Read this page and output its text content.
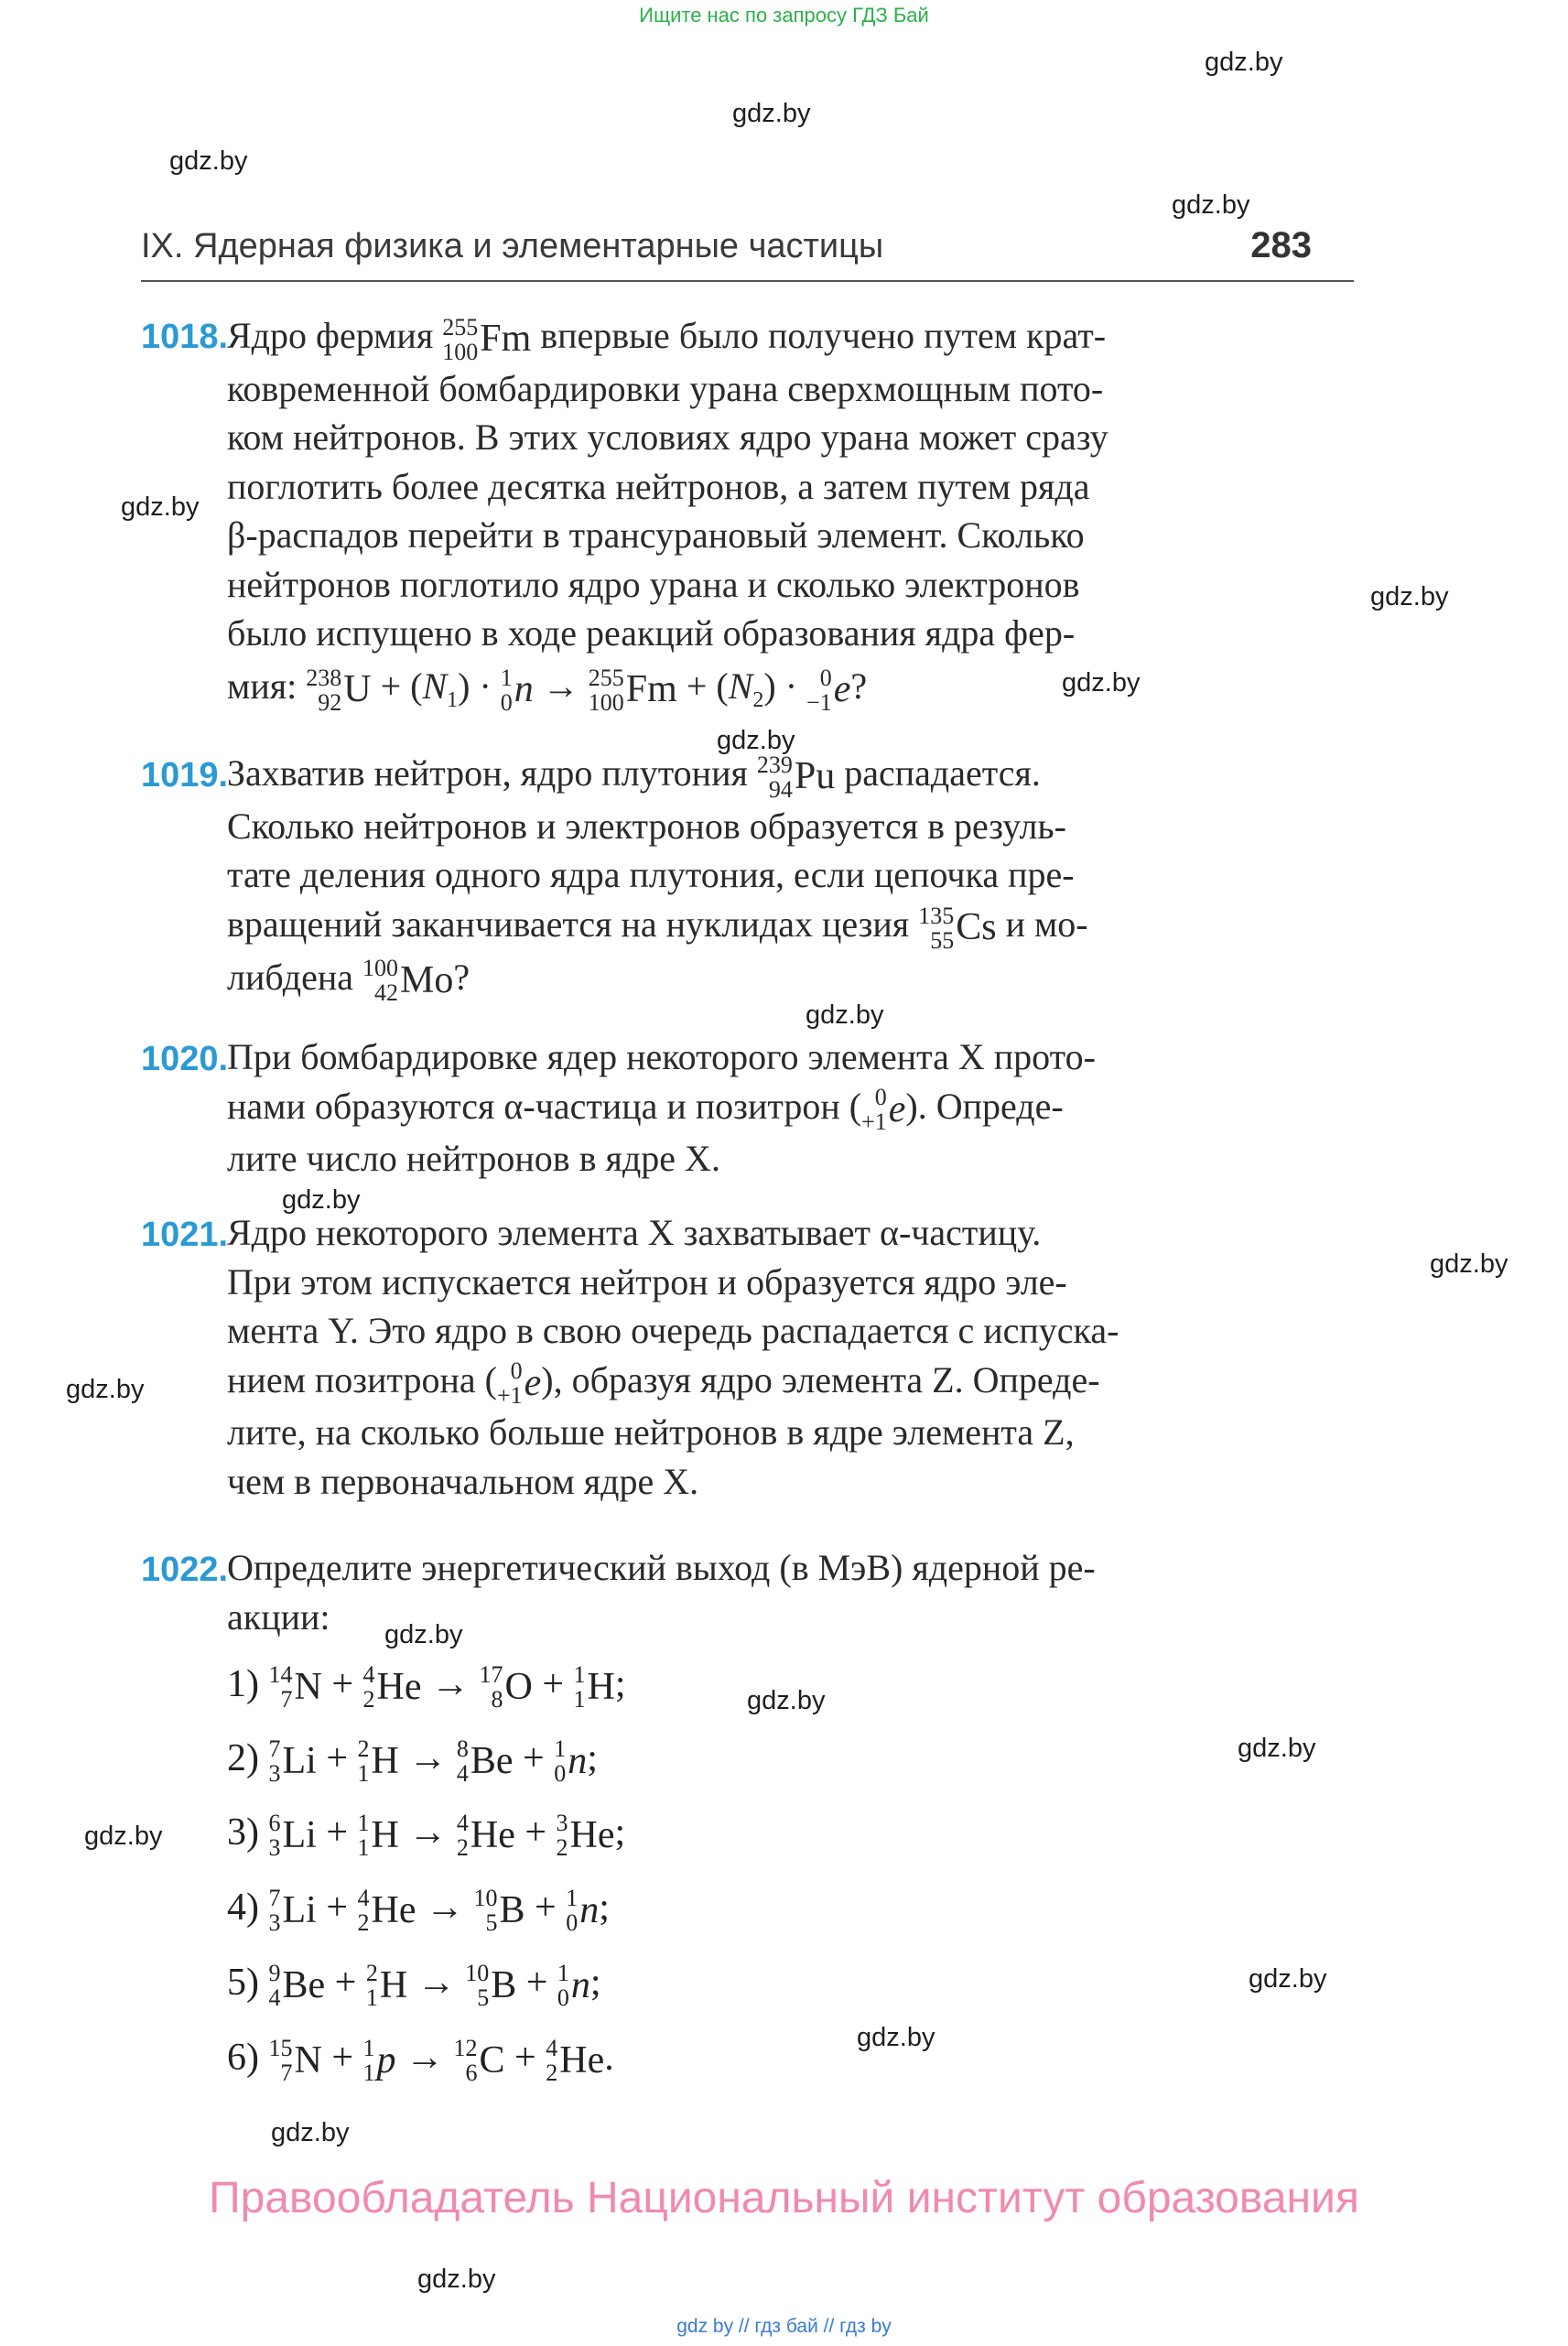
Ищите нас по запросу ГДЗ Бай
gdz.by
gdz.by
gdz.by
gdz.by
gdz.by
gdz.by
gdz.by
gdz.by
gdz.by
gdz.by
gdz.by
gdz.by
gdz.by
gdz.by
gdz.by
gdz.by
gdz.by
gdz.by
gdz.by
gdz.by
IX. Ядерная физика и элементарные частицы	283
1018.
Ядро фермия 255
100 Fm впервые было получено путем крат-
ковременной бомбардировки урана сверхмощным пото-
ком нейтронов. В этих условиях ядро урана может сразу
поглотить более десятка нейтронов, а затем путем ряда
β-распадов перейти в трансурановый элемент. Сколько
нейтронов поглотило ядро урана и сколько электронов
было испущено в ходе реакций образования ядра фер-
мия: 238
92 $U + (N_1) \cdot 1$
0 n → 255
100 $Fm + (N_2) \cdot 0$
−1 e ?
1019.
Захватив нейтрон, ядро плутония 239
94 Pu распадается.
Сколько нейтронов и электронов образуется в резуль-
тате деления одного ядра плутония, если цепочка пре-
вращений заканчивается на нуклидах цезия 135
55 Cs и мо-
либдена 100
42 Mo ?
1020.
При бомбардировке ядер некоторого элемента X прото-
нами образуются α-частица и позитрон ( 0
+1 e ). Опреде-
лите число нейтронов в ядре X.
1021.
Ядро некоторого элемента X захватывает α-частицу.
При этом испускается нейтрон и образуется ядро эле-
мента Y. Это ядро в свою очередь распадается с испуска-
нием позитрона ( 0
+1 e ), образуя ядро элемента Z. Опреде-
лите, на сколько больше нейтронов в ядре элемента Z,
чем в первоначальном ядре X.
1022.
Определите энергетический выход (в МэВ) ядерной ре-
акции:
1) 14
7 N + 4
2 He → 17
8 O + 1
1 H ;
2) 7
3 Li + 2
1 H → 8
4 Be + 1
0 n ;
3) 6
3 Li + 1
1 H → 4
2 He + 3
2 He ;
4) 7
3 Li + 4
2 He → 10
5 B + 1
0 n ;
5) 9
4 Be + 2
1 H → 10
5 B + 1
0 n ;
6) 15
7 N + 1
1 p → 12
6 C + 4
2 He .
Правообладатель Национальный институт образования
gdz by // гдз бай // гдз by
